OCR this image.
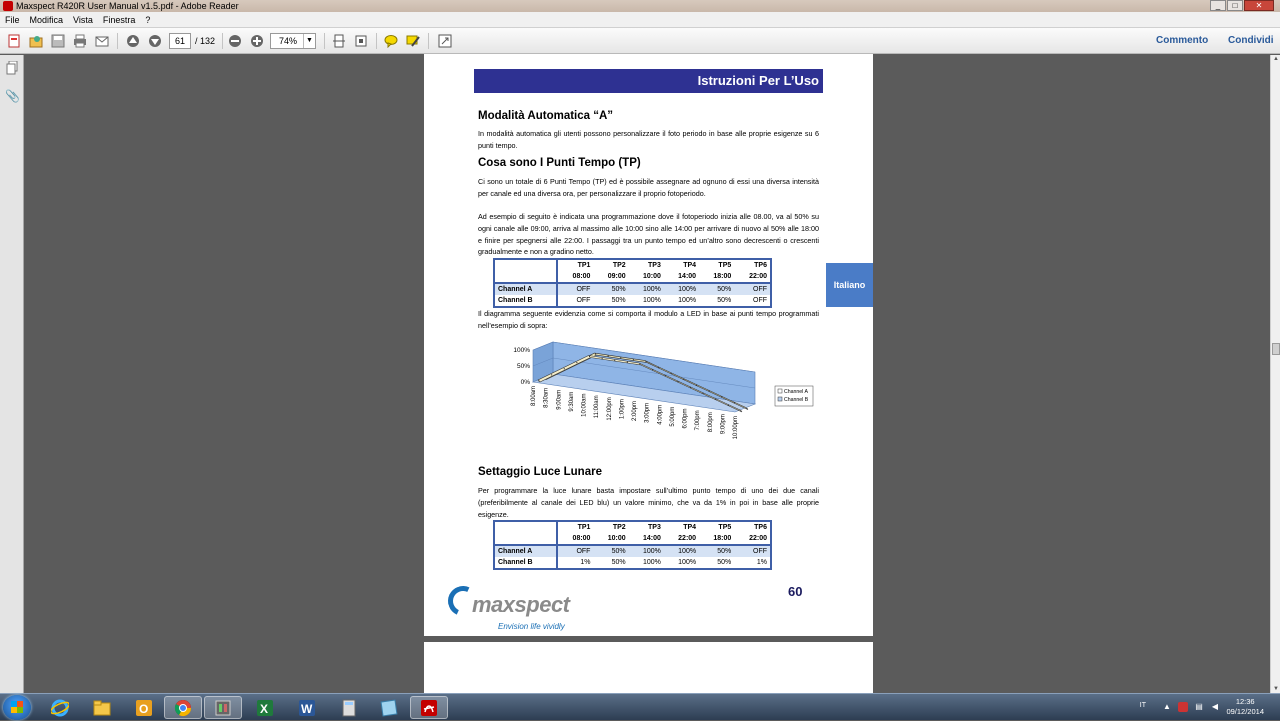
Maxspect R420R User Manual v1.5.pdf - Adobe Reader	_	□	✕
File	Modifica	Vista	Finestra	?
61	/ 132	74%	▼	Commento Condividi
📎
▲
▼
Istruzioni Per L’Uso
Italiano
Modalità Automatica “A”
In modalità automatica gli utenti possono personalizzare il foto periodo in base alle proprie esigenze su 6 punti tempo.
Cosa sono I Punti Tempo (TP)
Ci sono un totale di 6 Punti Tempo (TP) ed è possibile assegnare ad ognuno di essi una diversa intensità per canale ed una diversa ora, per personalizzare il proprio fotoperiodo.
Ad esempio di seguito è indicata una programmazione dove il fotoperiodo inizia alle 08.00, va al 50% su ogni canale alle 09:00, arriva al massimo alle 10:00 sino alle 14:00 per arrivare di nuovo al 50% alle 18:00 e finire per spegnersi alle 22:00. I passaggi tra un punto tempo ed un’altro sono decrescenti o crescenti gradualmente e non a gradino netto.
	TP1	TP2	TP3	TP4	TP5	TP6
	08:00	09:00	10:00	14:00	18:00	22:00
Channel A	OFF	50%	100%	100%	50%	OFF
Channel B	OFF	50%	100%	100%	50%	OFF
Il diagramma seguente evidenzia come si comporta il modulo a LED in base ai punti tempo programmati nell’esempio di sopra:
100%
50%
0%
8:00am 8:30am 9:00am 9:30am 10:00am 11:00am 12:00pm 1:00pm 2:00pm 3:00pm 4:00pm 5:00pm 6:00pm 7:00pm 8:00pm 9:00pm 10:00pm
Channel A
Channel B
Settaggio Luce Lunare
Per programmare la luce lunare basta impostare sull’ultimo punto tempo di uno dei due canali (preferibilmente al canale dei LED blu) un valore minimo, che va da 1% in poi in base alle proprie esigenze.
	TP1	TP2	TP3	TP4	TP5	TP6
	08:00	10:00	14:00	22:00	18:00	22:00
Channel A	OFF	50%	100%	100%	50%	OFF
Channel B	1%	50%	100%	100%	50%	1%
maxspect
Envision life vividly
60
O	X	W	IT ▲	▤ ◀
12:36
09/12/2014
